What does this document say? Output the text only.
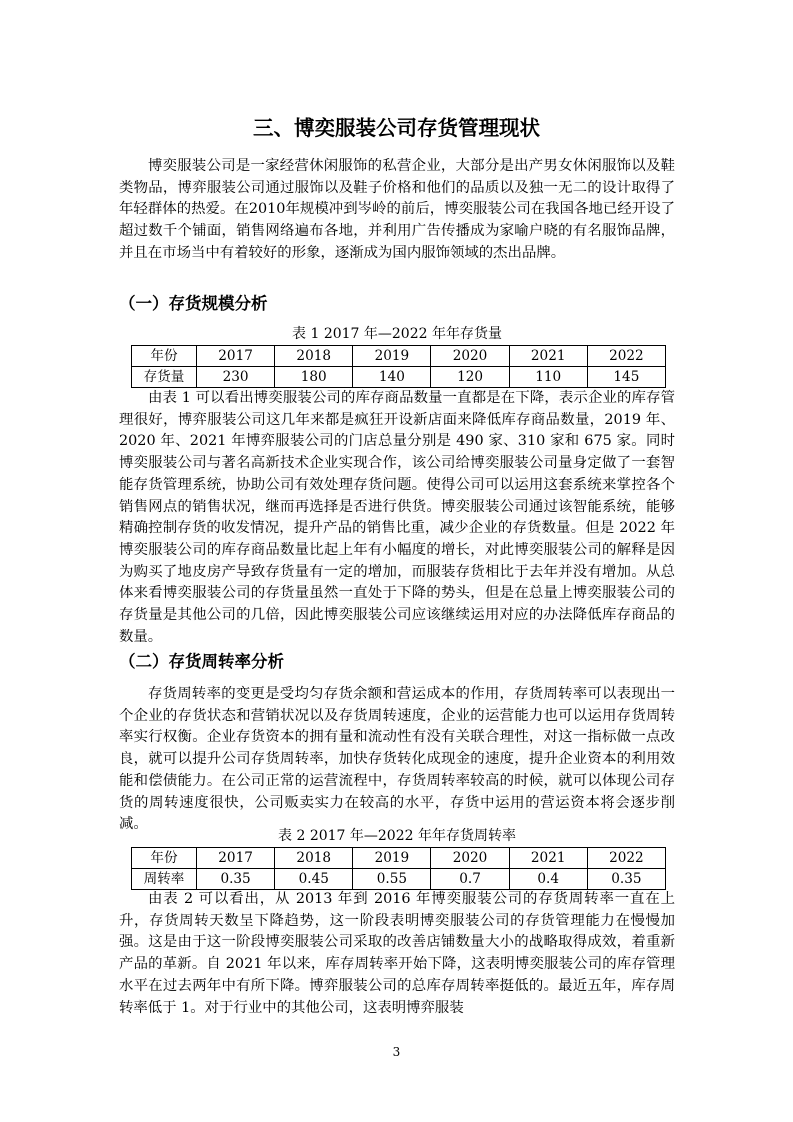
三、博奕服装公司存货管理现状

博奕服装公司是一家经营休闲服饰的私营企业，大部分是出产男女休闲服饰以及鞋类物品，博弈服装公司通过服饰以及鞋子价格和他们的品质以及独一无二的设计取得了年轻群体的热爱。在2010年规模冲到岑岭的前后，博奕服装公司在我国各地已经开设了超过数千个铺面，销售网络遍布各地，并利用广告传播成为家喻户晓的有名服饰品牌，并且在市场当中有着较好的形象，逐渐成为国内服饰领域的杰出品牌。

（一）存货规模分析
表 1 2017 年—2022 年年存货量
年份	2017	2018	2019	2020	2021	2022
存货量	230	180	140	120	110	145

由表 1 可以看出博奕服装公司的库存商品数量一直都是在下降，表示企业的库存管理很好，博弈服装公司这几年来都是疯狂开设新店面来降低库存商品数量，2019 年、2020 年、2021 年博弈服装公司的门店总量分别是 490 家、310 家和 675 家。同时博奕服装公司与著名高新技术企业实现合作，该公司给博奕服装公司量身定做了一套智能存货管理系统，协助公司有效处理存货问题。使得公司可以运用这套系统来掌控各个销售网点的销售状况，继而再选择是否进行供货。博奕服装公司通过该智能系统，能够精确控制存货的收发情况，提升产品的销售比重，减少企业的存货数量。但是 2022 年博奕服装公司的库存商品数量比起上年有小幅度的增长，对此博奕服装公司的解释是因为购买了地皮房产导致存货量有一定的增加，而服装存货相比于去年并没有增加。从总体来看博奕服装公司的存货量虽然一直处于下降的势头，但是在总量上博奕服装公司的存货量是其他公司的几倍，因此博奕服装公司应该继续运用对应的办法降低库存商品的数量。

（二）存货周转率分析

存货周转率的变更是受均匀存货余额和营运成本的作用，存货周转率可以表现出一个企业的存货状态和营销状况以及存货周转速度，企业的运营能力也可以运用存货周转率实行权衡。企业存货资本的拥有量和流动性有没有关联合理性，对这一指标做一点改良，就可以提升公司存货周转率，加快存货转化成现金的速度，提升企业资本的利用效能和偿债能力。在公司正常的运营流程中，存货周转率较高的时候，就可以体现公司存货的周转速度很快，公司贩卖实力在较高的水平，存货中运用的营运资本将会逐步削减。

表 2 2017 年—2022 年年存货周转率
年份	2017	2018	2019	2020	2021	2022
周转率	0.35	0.45	0.55	0.7	0.4	0.35

由表 2 可以看出，从 2013 年到 2016 年博奕服装公司的存货周转率一直在上升，存货周转天数呈下降趋势，这一阶段表明博奕服装公司的存货管理能力在慢慢加强。这是由于这一阶段博奕服装公司采取的改善店铺数量大小的战略取得成效，着重新产品的革新。自 2021 年以来，库存周转率开始下降，这表明博奕服装公司的库存管理水平在过去两年中有所下降。博弈服装公司的总库存周转率挺低的。最近五年，库存周转率低于 1。对于行业中的其他公司，这表明博弈服装

3
